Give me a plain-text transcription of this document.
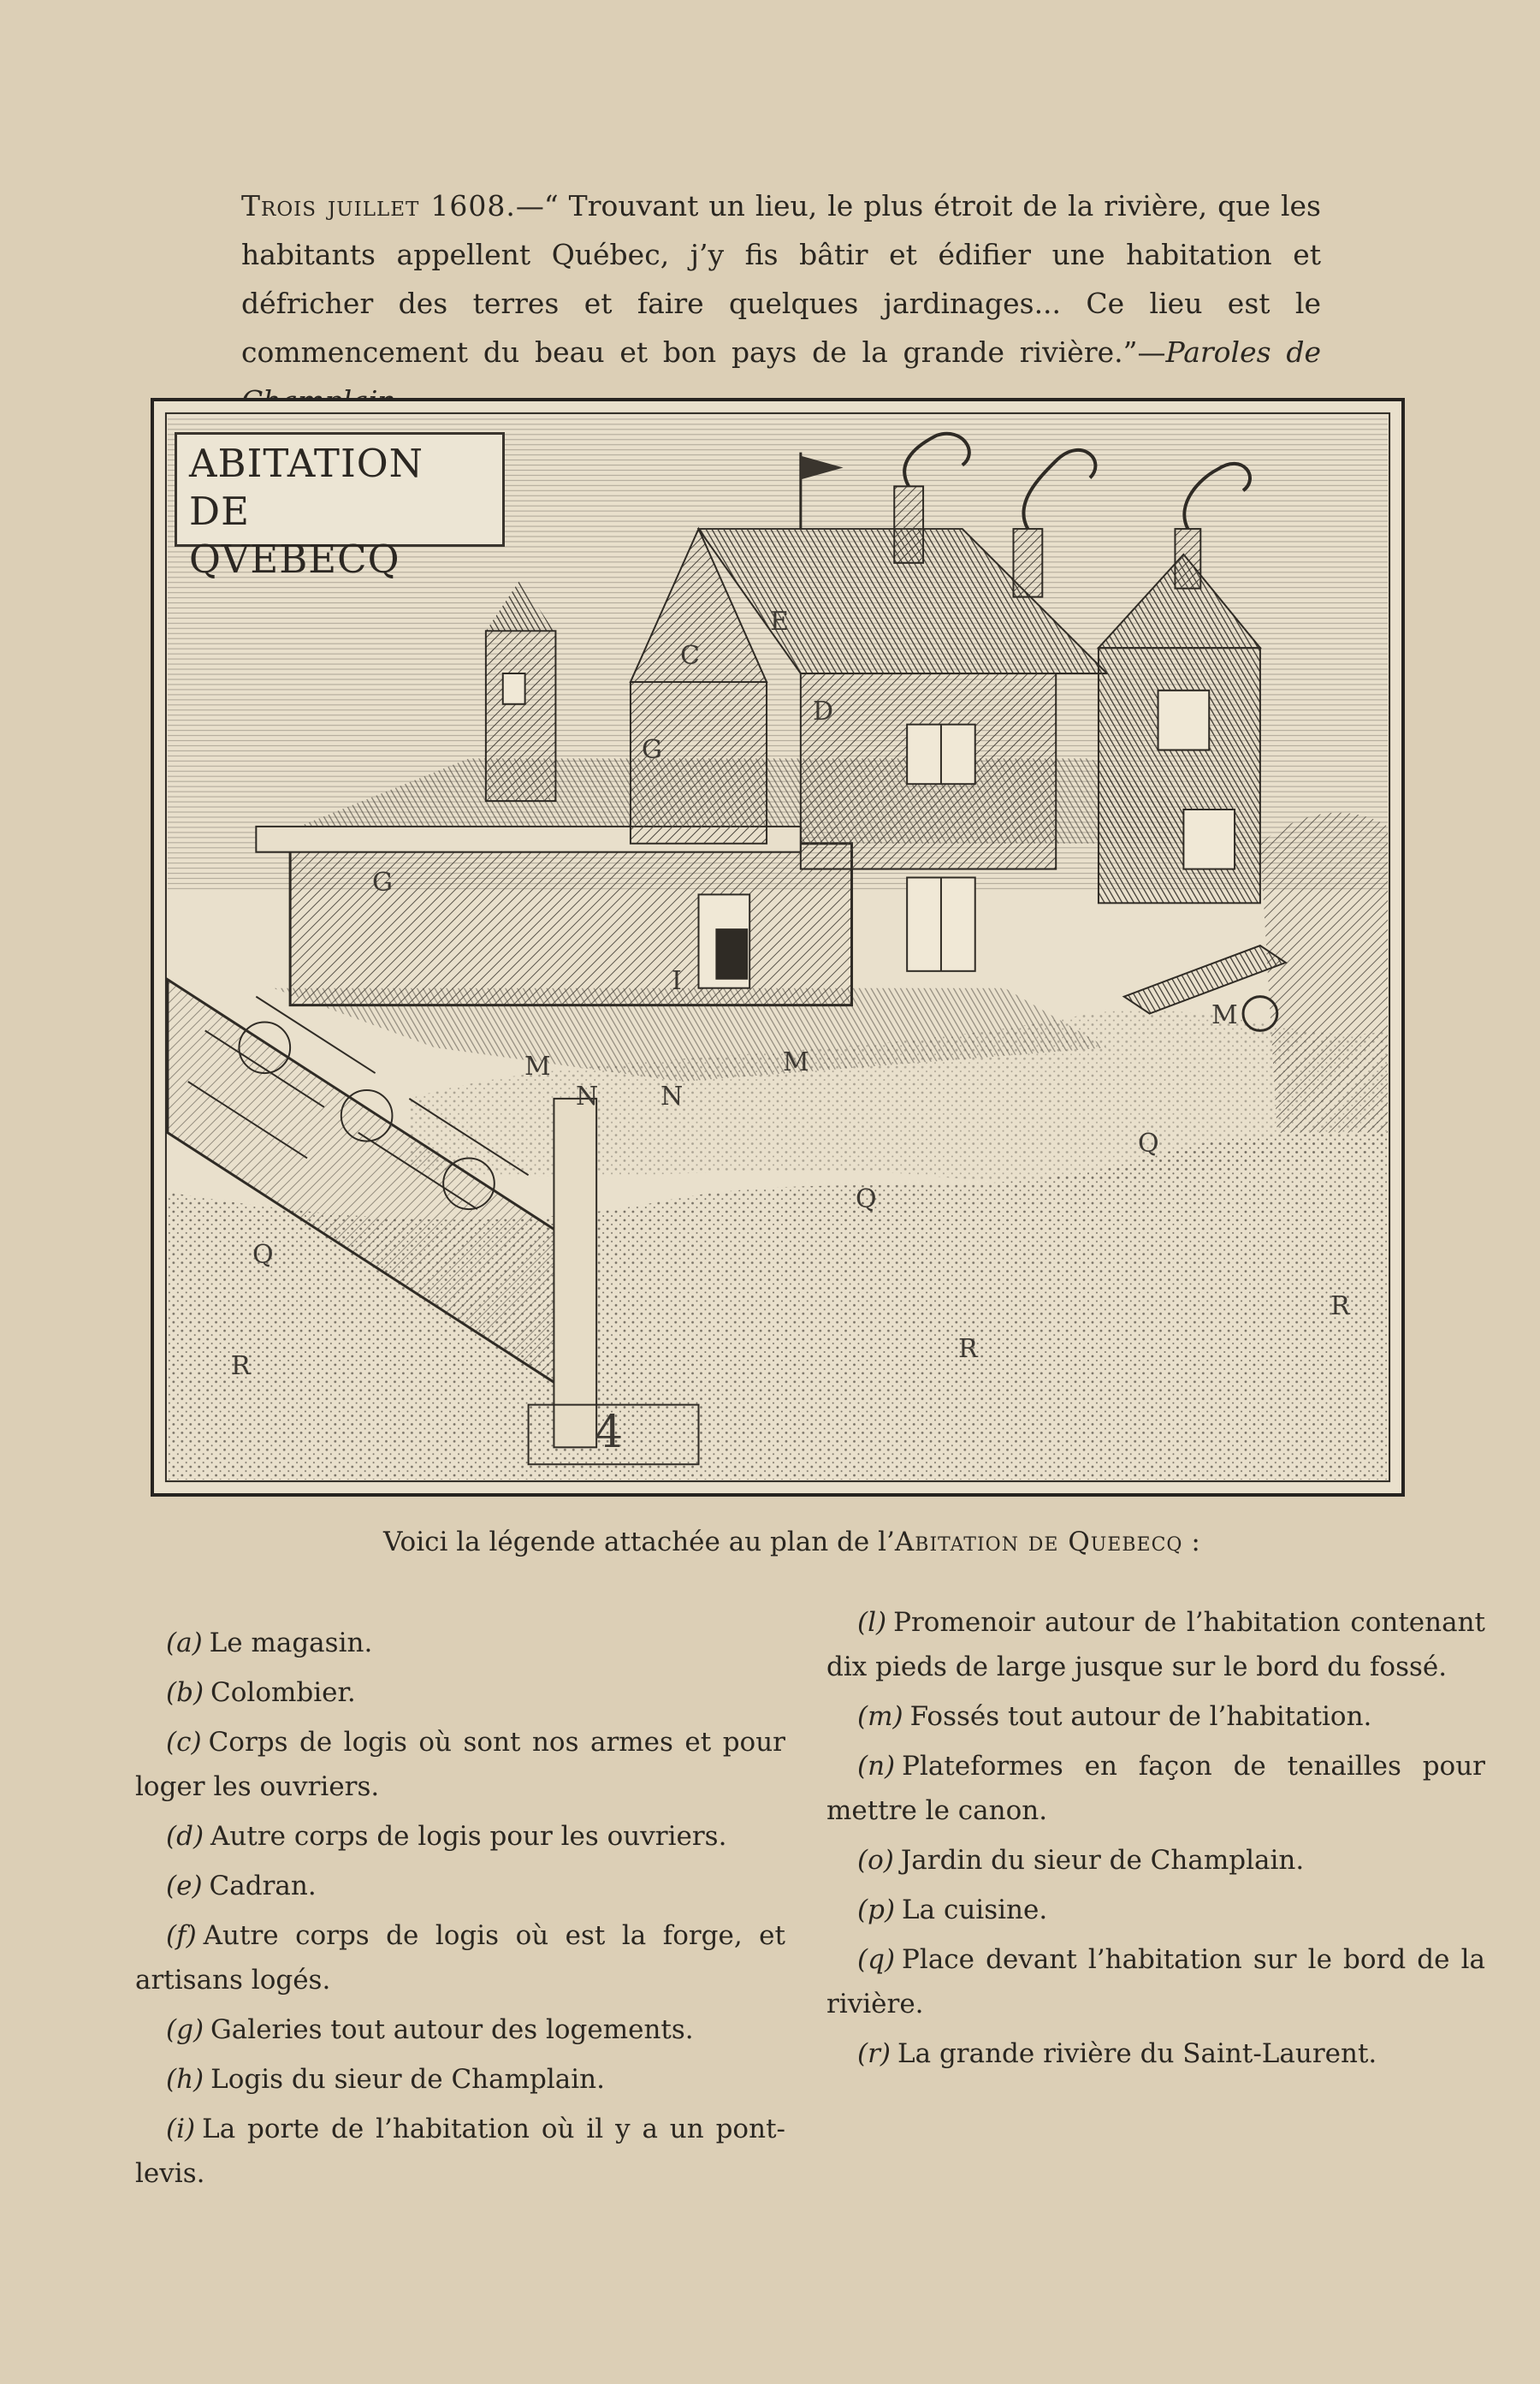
Trois juillet 1608.—“ Trouvant un lieu, le plus étroit de la rivière, que les habitants appellent Québec, j’y fis bâtir et édifier une habitation et défricher des terres et faire quelques jardinages... Ce lieu est le commencement du beau et bon pays de la grande rivière.”—Paroles de

ABITATION DE
QVEBECQ
E
C
D
G
G
I
M	M
M
N N
Q
Q
Q
R
R
R
4

Voici la légende attachée au plan de l’Abitation de Quebecq :

(a) Le magasin.

(b) Colombier.

(c) Corps de logis où sont nos armes et pour loger les ouvriers.

(d) Autre corps de logis pour les ouvriers.

(e) Cadran.

(f) Autre corps de logis où est la forge, et artisans logés.

(g) Galeries tout autour des logements.

(h) Logis du sieur de Champlain.

(i) La porte de l’habitation où il y a un pont-levis.

(l) Promenoir autour de l’habitation contenant dix pieds de large jusque sur le bord du fossé.

(m) Fossés tout autour de l’habitation.

(n) Plateformes en façon de tenailles pour mettre le canon.

(o) Jardin du sieur de Champlain.

(p) La cuisine.

(q) Place devant l’habitation sur le bord de la rivière.

(r) La grande rivière du Saint-Laurent.
